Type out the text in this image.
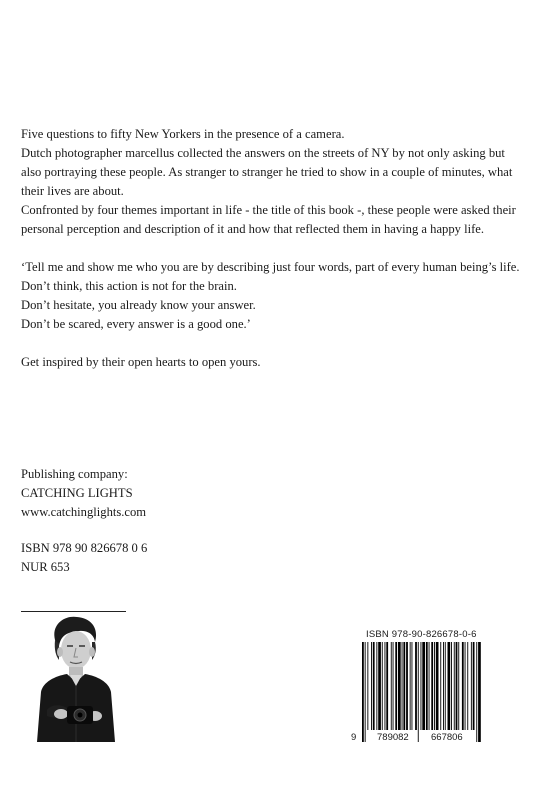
Five questions to fifty New Yorkers in the presence of a camera.

Dutch photographer marcellus collected the answers on the streets of NY by not only asking but also portraying these people. As stranger to stranger he tried to show in a couple of minutes, what their lives are about.

Confronted by four themes important in life - the title of this book -, these people were asked their personal perception and description of it and how that reflected them in having a happy life.

‘Tell me and show me who you are by describing just four words, part of every human being’s life.

Don’t think, this action is not for the brain.

Don’t hesitate, you already know your answer.

Don’t be scared, every answer is a good one.’

Get inspired by their open hearts to open yours.

Publishing company:
CATCHING LIGHTS
www.catchinglights.com
ISBN 978 90 826678 0 6
NUR 653
ISBN 978-90-826678-0-6
9 789082 667806
